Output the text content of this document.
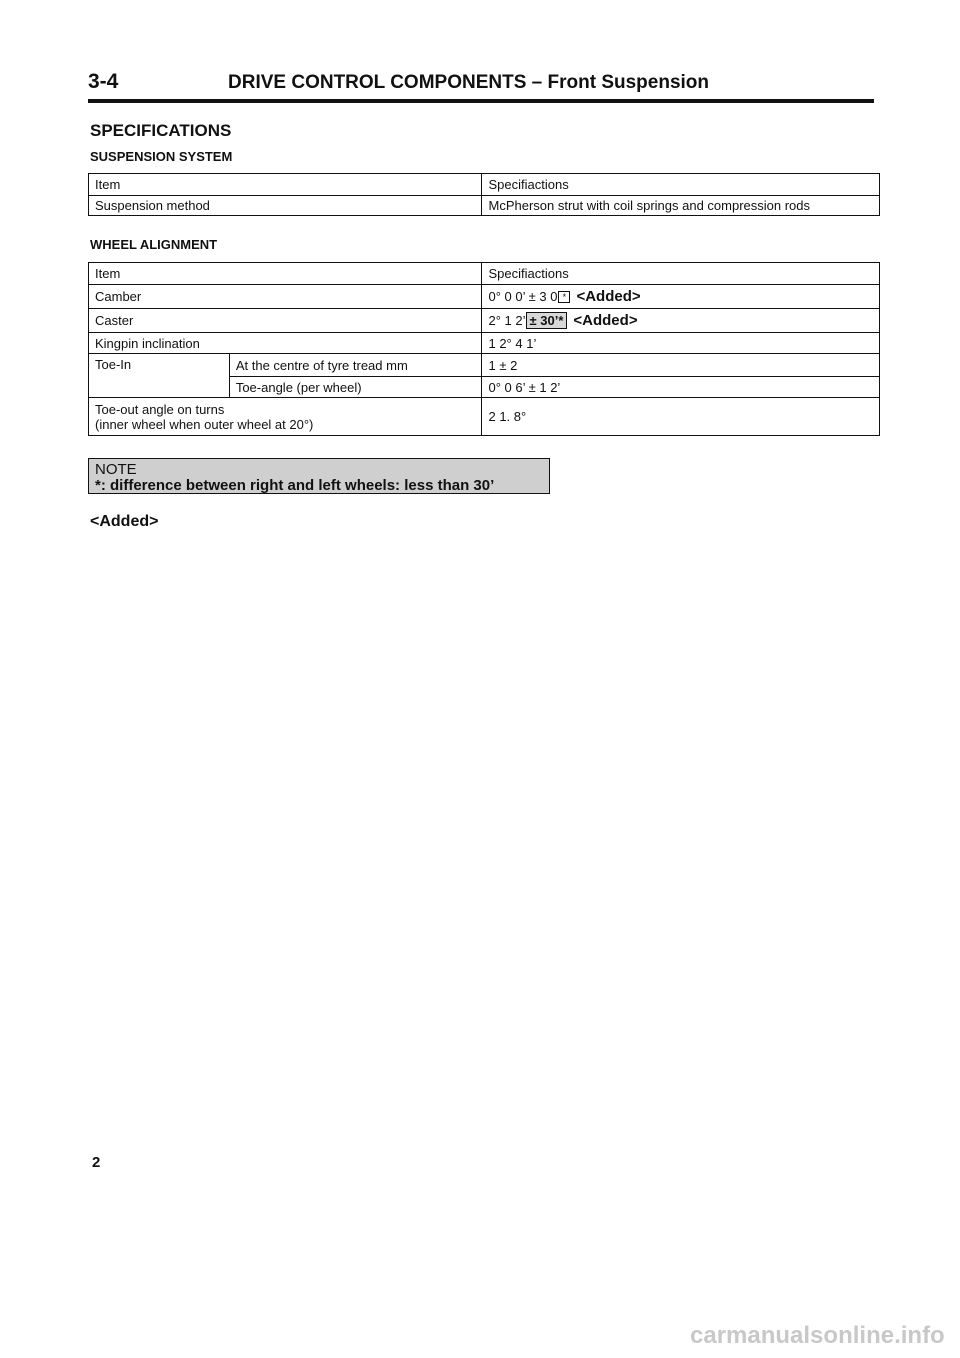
3-4	DRIVE CONTROL COMPONENTS – Front Suspension
SPECIFICATIONS
SUSPENSION SYSTEM
Item	Specifiactions
Suspension method	McPherson strut with coil springs and compression rods
WHEEL ALIGNMENT
Item		Specifiactions
Camber		0° 0 0’ ± 3 0 * <Added>
Caster		2° 1 2’ ± 30’* <Added>
Kingpin inclination		1 2° 4 1’
Toe-In	At the centre of tyre tread mm	1 ± 2
	Toe-angle (per wheel)	0° 0 6’ ± 1 2’

Toe-out angle on turns
(inner wheel when outer wheel at 20°)		2 1. 8°
NOTE
*: difference between right and left wheels: less than 30’
<Added>
2
carmanualsonline.info
